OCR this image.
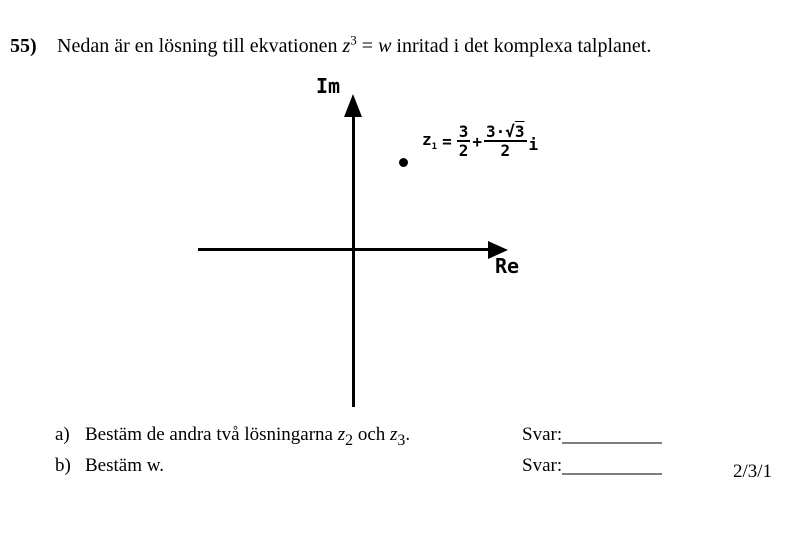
55) Nedan är en lösning till ekvationen $z^3 = w$ inritad i det komplexa talplanet.
Im
Re
$z_1 = \frac{3}{2} + \frac{3\cdot√3}{2}$ i
a) Bestäm de andra två lösningarna $z_2$ och $z_3$.	Svar:
b) Bestäm w.	Svar:	2/3/1
